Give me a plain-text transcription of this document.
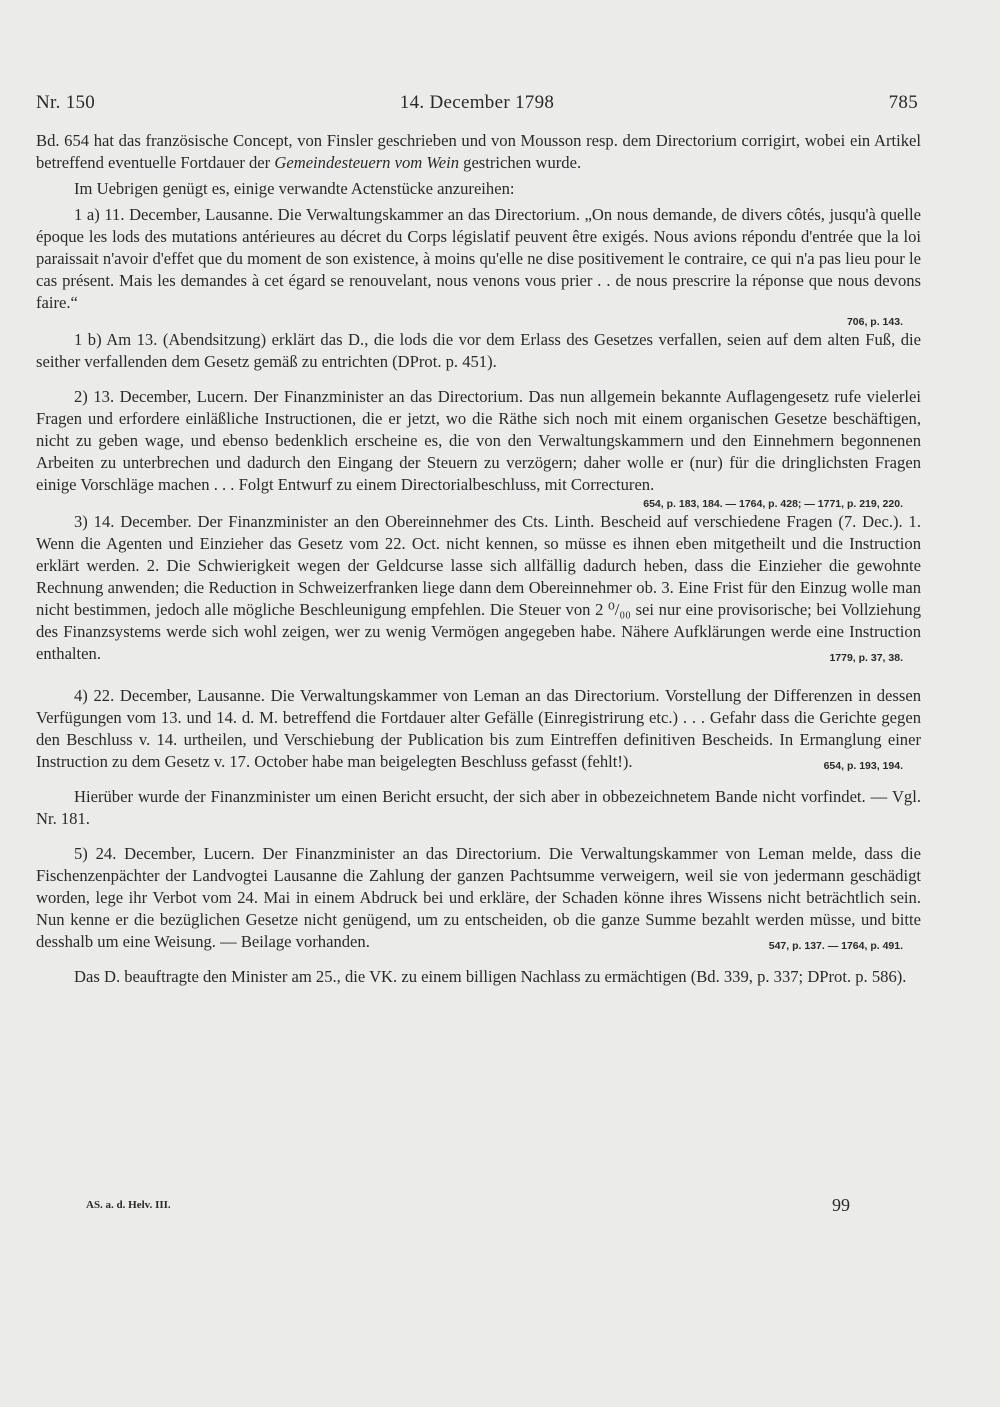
Nr. 150	14. December 1798	785

Bd. 654 hat das französische Concept, von Finsler geschrieben und von Mousson resp. dem Directorium corrigirt, wobei ein Artikel betreffend eventuelle Fortdauer der Gemeindesteuern vom Wein gestrichen wurde.

Im Uebrigen genügt es, einige verwandte Actenstücke anzureihen:

1 a) 11. December, Lausanne. Die Verwaltungskammer an das Directorium. „On nous demande, de divers côtés, jusqu'à quelle époque les lods des mutations antérieures au décret du Corps législatif peuvent être exigés. Nous avions répondu d'entrée que la loi paraissait n'avoir d'effet que du moment de son existence, à moins qu'elle ne dise positivement le contraire, ce qui n'a pas lieu pour le cas présent. Mais les demandes à cet égard se renouvelant, nous venons vous prier . . de nous prescrire la réponse que nous devons faire.“

706, p. 143.

1 b) Am 13. (Abendsitzung) erklärt das D., die lods die vor dem Erlass des Gesetzes verfallen, seien auf dem alten Fuß, die seither verfallenden dem Gesetz gemäß zu entrichten (DProt. p. 451).

2) 13. December, Lucern. Der Finanzminister an das Directorium. Das nun allgemein bekannte Auflagengesetz rufe vielerlei Fragen und erfordere einläßliche Instructionen, die er jetzt, wo die Räthe sich noch mit einem organischen Gesetze beschäftigen, nicht zu geben wage, und ebenso bedenklich erscheine es, die von den Verwaltungskammern und den Einnehmern begonnenen Arbeiten zu unterbrechen und dadurch den Eingang der Steuern zu verzögern; daher wolle er (nur) für die dringlichsten Fragen einige Vorschläge machen . . . Folgt Entwurf zu einem Directorialbeschluss, mit Correcturen.

654, p. 183, 184. — 1764, p. 428; — 1771, p. 219, 220.

3) 14. December. Der Finanzminister an den Obereinnehmer des Cts. Linth. Bescheid auf verschiedene Fragen (7. Dec.). 1. Wenn die Agenten und Einzieher das Gesetz vom 22. Oct. nicht kennen, so müsse es ihnen eben mitgetheilt und die Instruction erklärt werden. 2. Die Schwierigkeit wegen der Geldcurse lasse sich allfällig dadurch heben, dass die Einzieher die gewohnte Rechnung anwenden; die Reduction in Schweizerfranken liege dann dem Obereinnehmer ob. 3. Eine Frist für den Einzug wolle man nicht bestimmen, jedoch alle mögliche Beschleunigung empfehlen. Die Steuer von 2 ⁰/₀₀ sei nur eine provisorische; bei Vollziehung des Finanzsystems werde sich wohl zeigen, wer zu wenig Vermögen angegeben habe. Nähere Aufklärungen werde eine Instruction enthalten.	1779, p. 37, 38.

4) 22. December, Lausanne. Die Verwaltungskammer von Leman an das Directorium. Vorstellung der Differenzen in dessen Verfügungen vom 13. und 14. d. M. betreffend die Fortdauer alter Gefälle (Einregistrirung etc.) . . . Gefahr dass die Gerichte gegen den Beschluss v. 14. urtheilen, und Verschiebung der Publication bis zum Eintreffen definitiven Bescheids. In Ermanglung einer Instruction zu dem Gesetz v. 17. October habe man beigelegten Beschluss gefasst (fehlt!).	654, p. 193, 194.

Hierüber wurde der Finanzminister um einen Bericht ersucht, der sich aber in obbezeichnetem Bande nicht vorfindet. — Vgl. Nr. 181.

5) 24. December, Lucern. Der Finanzminister an das Directorium. Die Verwaltungskammer von Leman melde, dass die Fischenzenpächter der Landvogtei Lausanne die Zahlung der ganzen Pachtsumme verweigern, weil sie von jedermann geschädigt worden, lege ihr Verbot vom 24. Mai in einem Abdruck bei und erkläre, der Schaden könne ihres Wissens nicht beträchtlich sein. Nun kenne er die bezüglichen Gesetze nicht genügend, um zu entscheiden, ob die ganze Summe bezahlt werden müsse, und bitte desshalb um eine Weisung. — Beilage vorhanden.	547, p. 137. — 1764, p. 491.

Das D. beauftragte den Minister am 25., die VK. zu einem billigen Nachlass zu ermächtigen (Bd. 339, p. 337; DProt. p. 586).

AS. a. d. Helv. III.	99
